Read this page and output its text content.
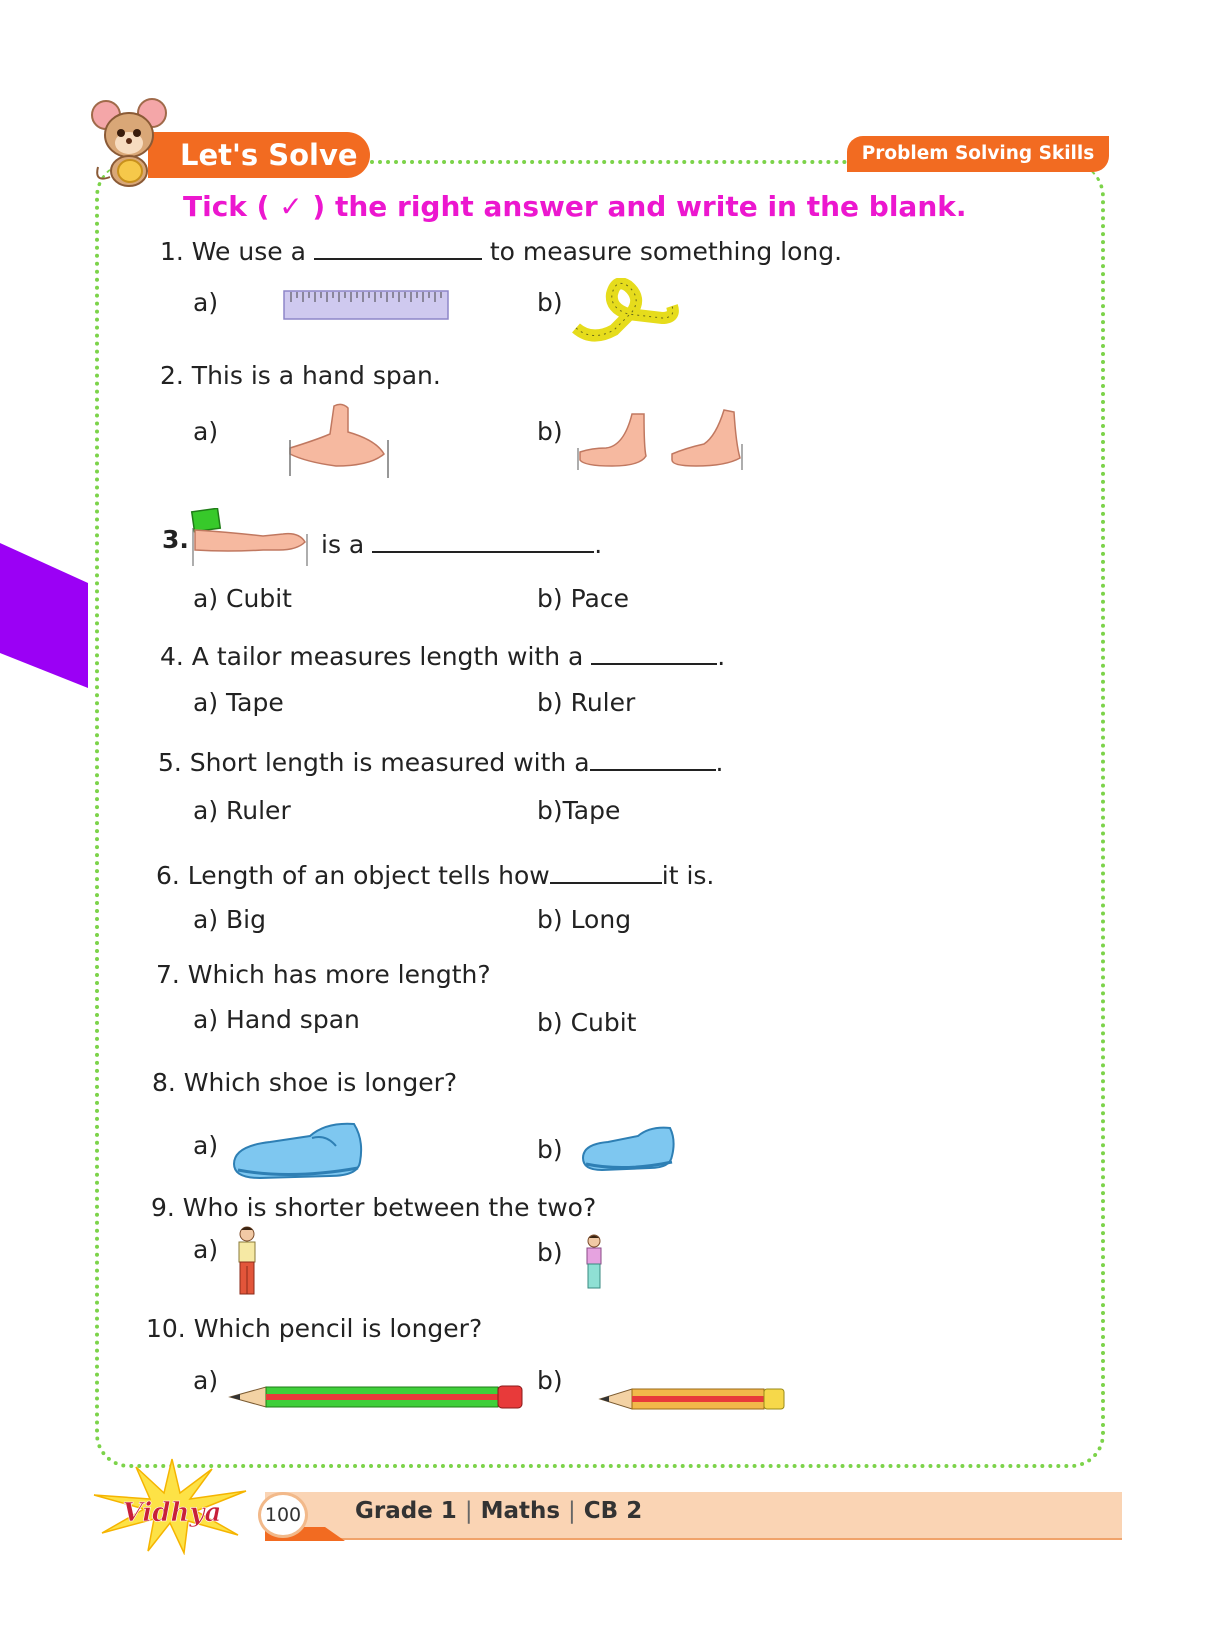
Let's Solve	Problem Solving Skills
Tick ( ✓ ) the right answer and write in the blank.
1. We use a	to measure something long.
a)	b)
2. This is a hand span.
a)	b)
3.	is a	.
a) Cubit	b) Pace
4. A tailor measures length with a	.
a) Tape	b) Ruler
5. Short length is measured with a	.
a) Ruler	b)Tape
6. Length of an object tells how	it is.
a) Big	b) Long
7. Which has more length?
a) Hand span	b) Cubit
8. Which shoe is longer?
a)	b)
9. Who is shorter between the two?
a)	b)
10. Which pencil is longer?
a)	b)
100 Grade 1 | Maths | CB 2
Vidhya
